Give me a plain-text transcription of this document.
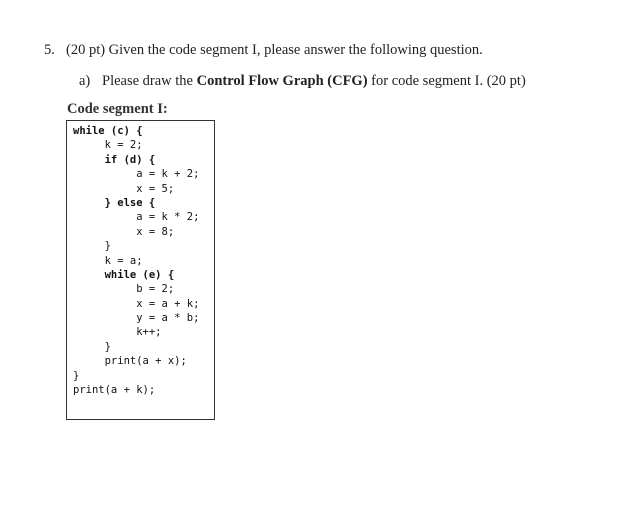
5. (20 pt) Given the code segment I, please answer the following question.
a) Please draw the Control Flow Graph (CFG) for code segment I. (20 pt)
Code segment I:
while (c) {
k = 2;
if (d) {
a = k + 2;
x = 5;
} else {
a = k * 2;
x = 8;
}
k = a;
while (e) {
b = 2;
x = a + k;
y = a * b;
k++;
}
print(a + x);
}
print(a + k);
